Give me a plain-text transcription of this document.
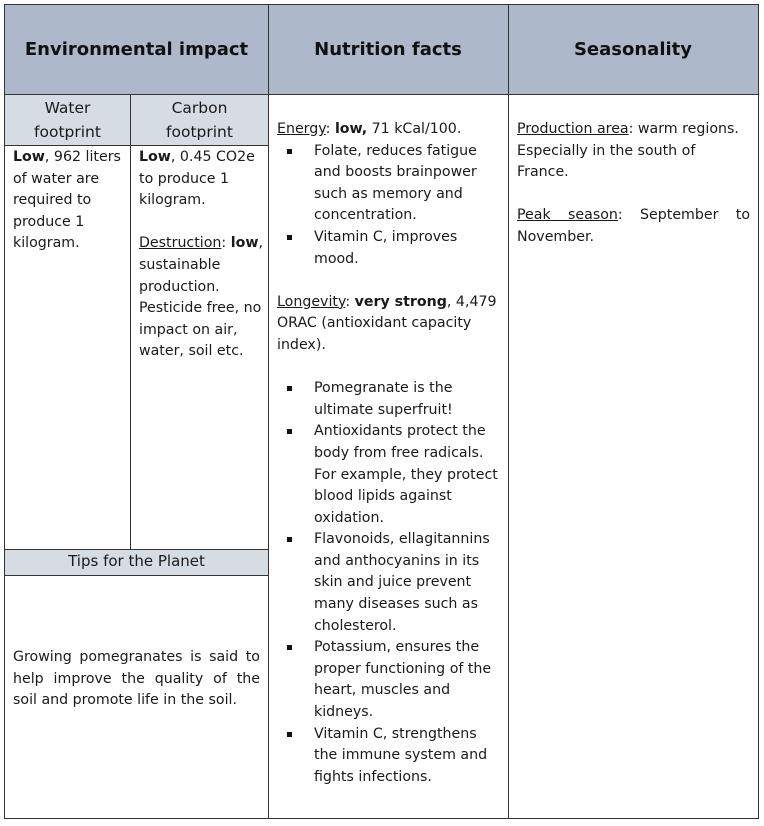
Environmental impact	Nutrition facts	Seasonality
Water
footprint
Carbon
footprint
Low, 962 liters of water are required to produce 1 kilogram.

Low, 0.45 CO2e to produce 1 kilogram.

Destruction: low, sustainable production. Pesticide free, no impact on air, water, soil etc.

Tips for the Planet
Growing pomegranates is said to help improve the quality of the soil and promote life in the soil.

Energy: low, 71 kCal/100.

Folate, reduces fatigue and boosts brainpower such as memory and concentration.
Vitamin C, improves mood.

Longevity: very strong, 4,479 ORAC (antioxidant capacity index).

Pomegranate is the ultimate superfruit!
Antioxidants protect the body from free radicals. For example, they protect blood lipids against oxidation.
Flavonoids, ellagitannins and anthocyanins in its skin and juice prevent many diseases such as cholesterol.
Potassium, ensures the proper functioning of the heart, muscles and kidneys.
Vitamin C, strengthens the immune system and fights infections.

Production area: warm regions. Especially in the south of France.

Peak season: September to November.
